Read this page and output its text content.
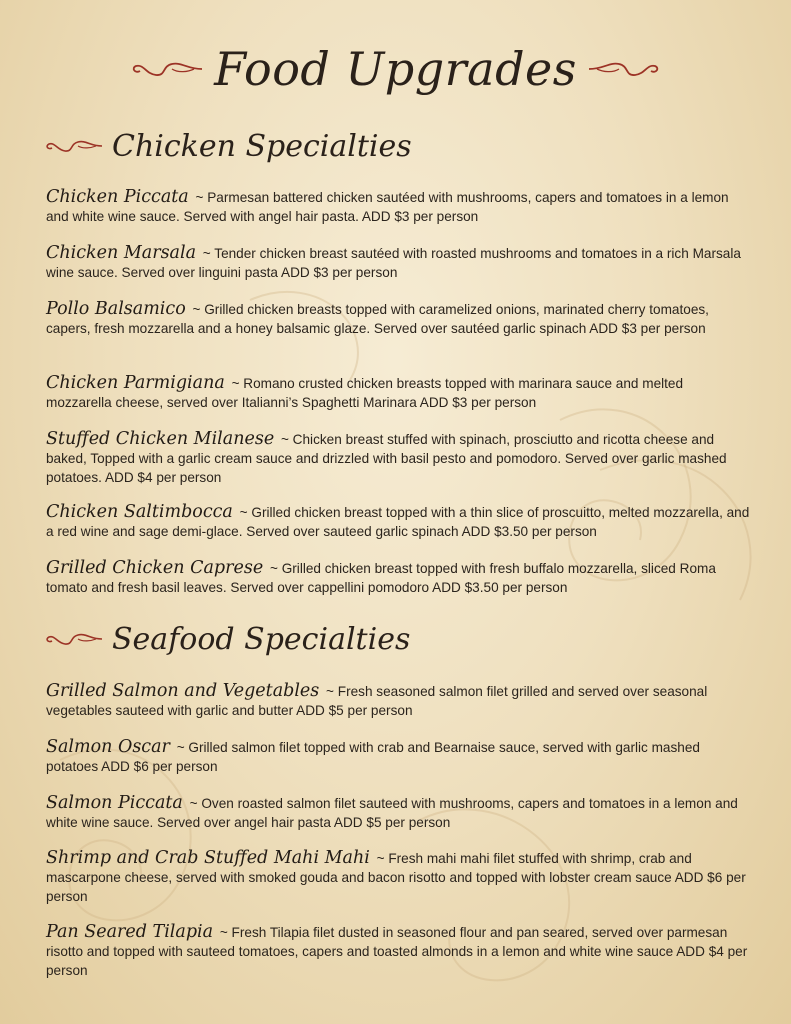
Food Upgrades
Chicken Specialties
Chicken Piccata ~ Parmesan battered chicken sautéed with mushrooms, capers and tomatoes in a lemon and white wine sauce. Served with angel hair pasta. ADD $3 per person
Chicken Marsala ~ Tender chicken breast sautéed with roasted mushrooms and tomatoes in a rich Marsala wine sauce. Served over linguini pasta ADD $3 per person
Pollo Balsamico ~ Grilled chicken breasts topped with caramelized onions, marinated cherry tomatoes, capers, fresh mozzarella and a honey balsamic glaze. Served over sautéed garlic spinach ADD $3 per person
Chicken Parmigiana ~ Romano crusted chicken breasts topped with marinara sauce and melted mozzarella cheese, served over Italianni’s Spaghetti Marinara ADD $3 per person
Stuffed Chicken Milanese ~ Chicken breast stuffed with spinach, prosciutto and ricotta cheese and baked, Topped with a garlic cream sauce and drizzled with basil pesto and pomodoro. Served over garlic mashed potatoes. ADD $4 per person
Chicken Saltimbocca ~ Grilled chicken breast topped with a thin slice of proscuitto, melted mozzarella, and a red wine and sage demi-glace. Served over sauteed garlic spinach ADD $3.50 per person
Grilled Chicken Caprese ~ Grilled chicken breast topped with fresh buffalo mozzarella, sliced Roma tomato and fresh basil leaves. Served over cappellini pomodoro ADD $3.50 per person
Seafood Specialties
Grilled Salmon and Vegetables ~ Fresh seasoned salmon filet grilled and served over seasonal vegetables sauteed with garlic and butter ADD $5 per person
Salmon Oscar ~ Grilled salmon filet topped with crab and Bearnaise sauce, served with garlic mashed potatoes ADD $6 per person
Salmon Piccata ~ Oven roasted salmon filet sauteed with mushrooms, capers and tomatoes in a lemon and white wine sauce. Served over angel hair pasta ADD $5 per person
Shrimp and Crab Stuffed Mahi Mahi ~ Fresh mahi mahi filet stuffed with shrimp, crab and mascarpone cheese, served with smoked gouda and bacon risotto and topped with lobster cream sauce ADD $6 per person
Pan Seared Tilapia ~ Fresh Tilapia filet dusted in seasoned flour and pan seared, served over parmesan risotto and topped with sauteed tomatoes, capers and toasted almonds in a lemon and white wine sauce ADD $4 per person
